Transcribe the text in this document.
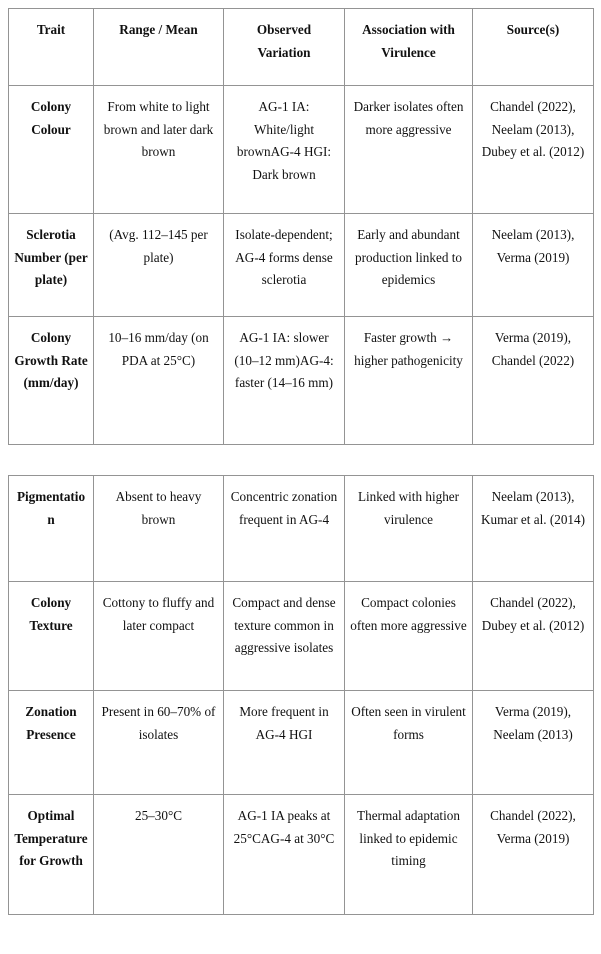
Trait	Range / Mean	Observed Variation	Association with Virulence	Source(s)
Colony Colour	From white to light brown and later dark brown	AG-1 IA: White/light brownAG-4 HGI: Dark brown	Darker isolates often more aggressive	Chandel (2022), Neelam (2013), Dubey et al. (2012)
Sclerotia Number (per plate)	(Avg. 112–145 per plate)	Isolate-dependent; AG-4 forms dense sclerotia	Early and abundant production linked to epidemics	Neelam (2013), Verma (2019)
Colony Growth Rate (mm/day)	10–16 mm/day (on PDA at 25°C)	AG-1 IA: slower (10–12 mm)AG-4: faster (14–16 mm)	Faster growth → higher pathogenicity	Verma (2019), Chandel (2022)
Pigmentation	Absent to heavy brown	Concentric zonation frequent in AG-4	Linked with higher virulence	Neelam (2013), Kumar et al. (2014)
Colony Texture	Cottony to fluffy and later compact	Compact and dense texture common in aggressive isolates	Compact colonies often more aggressive	Chandel (2022), Dubey et al. (2012)
Zonation Presence	Present in 60–70% of isolates	More frequent in AG-4 HGI	Often seen in virulent forms	Verma (2019), Neelam (2013)
Optimal Temperature for Growth	25–30°C	AG-1 IA peaks at 25°CAG-4 at 30°C	Thermal adaptation linked to epidemic timing	Chandel (2022), Verma (2019)
